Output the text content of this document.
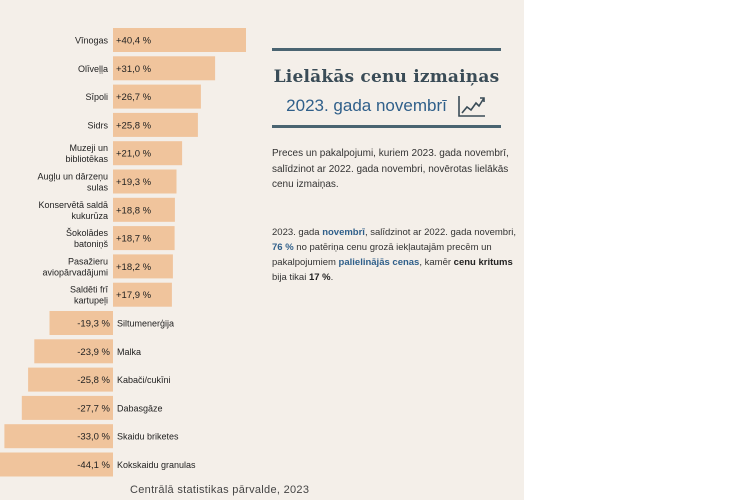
+40,4 %
Vīnogas
+31,0 %
Olīveļļa
+26,7 %
Sīpoli
+25,8 %
Sidrs
+21,0 %
Muzeji un bibliotēkas
+19,3 %
Augļu un dārzeņu sulas
+18,8 %
Konservētā saldā kukurūza
+18,7 %
Šokolādes batoniņš
+18,2 %
Pasažieru aviopārvadājumi
+17,9 %
Saldēti frī kartupeļi
-19,3 % Siltumenerģija
-23,9 % Malka
-25,8 % Kabači/cukīni
-27,7 % Dabasgāze
-33,0 % Skaidu briketes
-44,1 % Kokskaidu granulas
Lielākās cenu izmaiņas
2023. gada novembrī

Preces un pakalpojumi, kuriem 2023. gada novembrī, salīdzinot ar 2022. gada novembri, novērotas lielākās cenu izmaiņas.

2023. gada novembrī, salīdzinot ar 2022. gada novembri, 76 % no patēriņa cenu grozā iekļautajām precēm un pakalpojumiem palielinājās cenas, kamēr cenu kritums bija tikai 17 %.

Centrālā statistikas pārvalde, 2023
